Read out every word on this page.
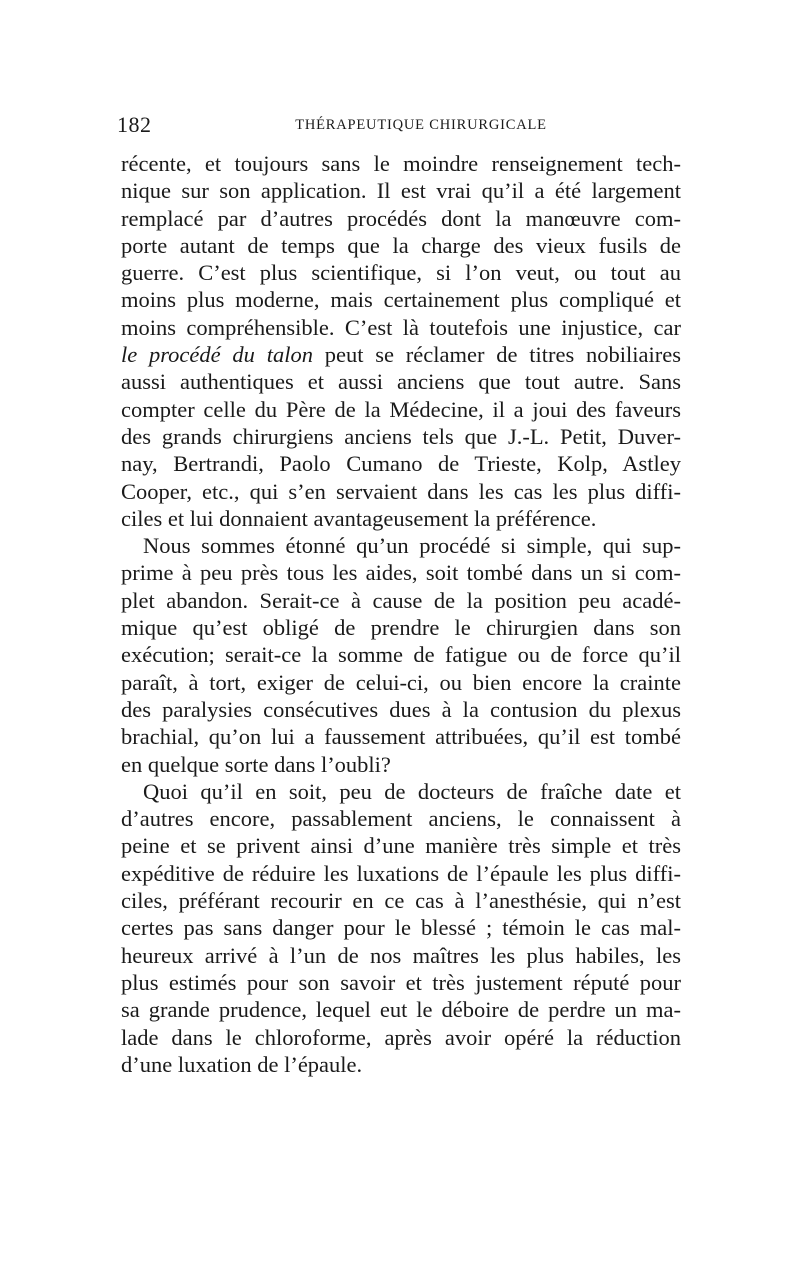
182	THÉRAPEUTIQUE CHIRURGICALE
récente, et toujours sans le moindre renseignement tech-
nique sur son application. Il est vrai qu’il a été largement
remplacé par d’autres procédés dont la manœuvre com-
porte autant de temps que la charge des vieux fusils de
guerre. C’est plus scientifique, si l’on veut, ou tout au
moins plus moderne, mais certainement plus compliqué et
moins compréhensible. C’est là toutefois une injustice, car
le procédé du talon peut se réclamer de titres nobiliaires
aussi authentiques et aussi anciens que tout autre. Sans
compter celle du Père de la Médecine, il a joui des faveurs
des grands chirurgiens anciens tels que J.-L. Petit, Duver-
nay, Bertrandi, Paolo Cumano de Trieste, Kolp, Astley
Cooper, etc., qui s’en servaient dans les cas les plus diffi-
ciles et lui donnaient avantageusement la préférence.
Nous sommes étonné qu’un procédé si simple, qui sup-
prime à peu près tous les aides, soit tombé dans un si com-
plet abandon. Serait-ce à cause de la position peu acadé-
mique qu’est obligé de prendre le chirurgien dans son
exécution; serait-ce la somme de fatigue ou de force qu’il
paraît, à tort, exiger de celui-ci, ou bien encore la crainte
des paralysies consécutives dues à la contusion du plexus
brachial, qu’on lui a faussement attribuées, qu’il est tombé
en quelque sorte dans l’oubli?
Quoi qu’il en soit, peu de docteurs de fraîche date et
d’autres encore, passablement anciens, le connaissent à
peine et se privent ainsi d’une manière très simple et très
expéditive de réduire les luxations de l’épaule les plus diffi-
ciles, préférant recourir en ce cas à l’anesthésie, qui n’est
certes pas sans danger pour le blessé ; témoin le cas mal-
heureux arrivé à l’un de nos maîtres les plus habiles, les
plus estimés pour son savoir et très justement réputé pour
sa grande prudence, lequel eut le déboire de perdre un ma-
lade dans le chloroforme, après avoir opéré la réduction
d’une luxation de l’épaule.
